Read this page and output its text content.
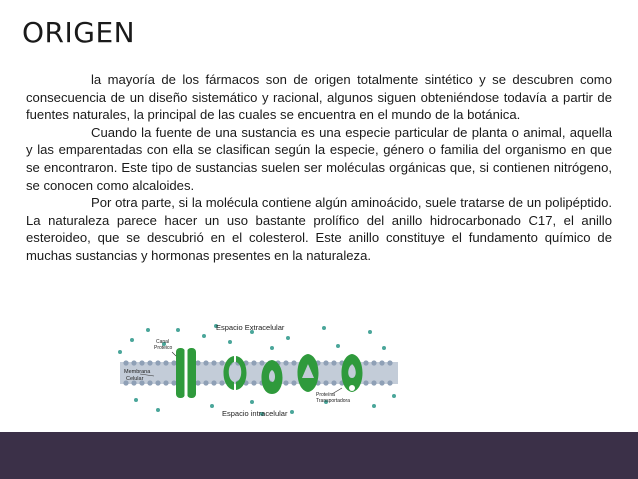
ORIGEN

la mayoría de los fármacos son de origen totalmente sintético y se descubren como consecuencia de un diseño sistemático y racional, algunos siguen obteniéndose todavía a partir de fuentes naturales, la principal de las cuales se encuentra en el mundo de la botánica.

Cuando la fuente de una sustancia es una especie particular de planta o animal, aquella y las emparentadas con ella se clasifican según la especie, género o familia del organismo en que se encontraron. Este tipo de sustancias suelen ser moléculas orgánicas que, si contienen nitrógeno, se conocen como alcaloides.

Por otra parte, si la molécula contiene algún aminoácido, suele tratarse de un polipéptido. La naturaleza parece hacer un uso bastante prolífico del anillo hidrocarbonado C17, el anillo esteroideo, que se descubrió en el colesterol. Este anillo constituye el fundamento químico de muchas sustancias y hormonas presentes en la naturaleza.

Espacio Extracelular
Canal
Proteico
Membrana
Celular
Espacio intracelular
Proteína
Transportadora
